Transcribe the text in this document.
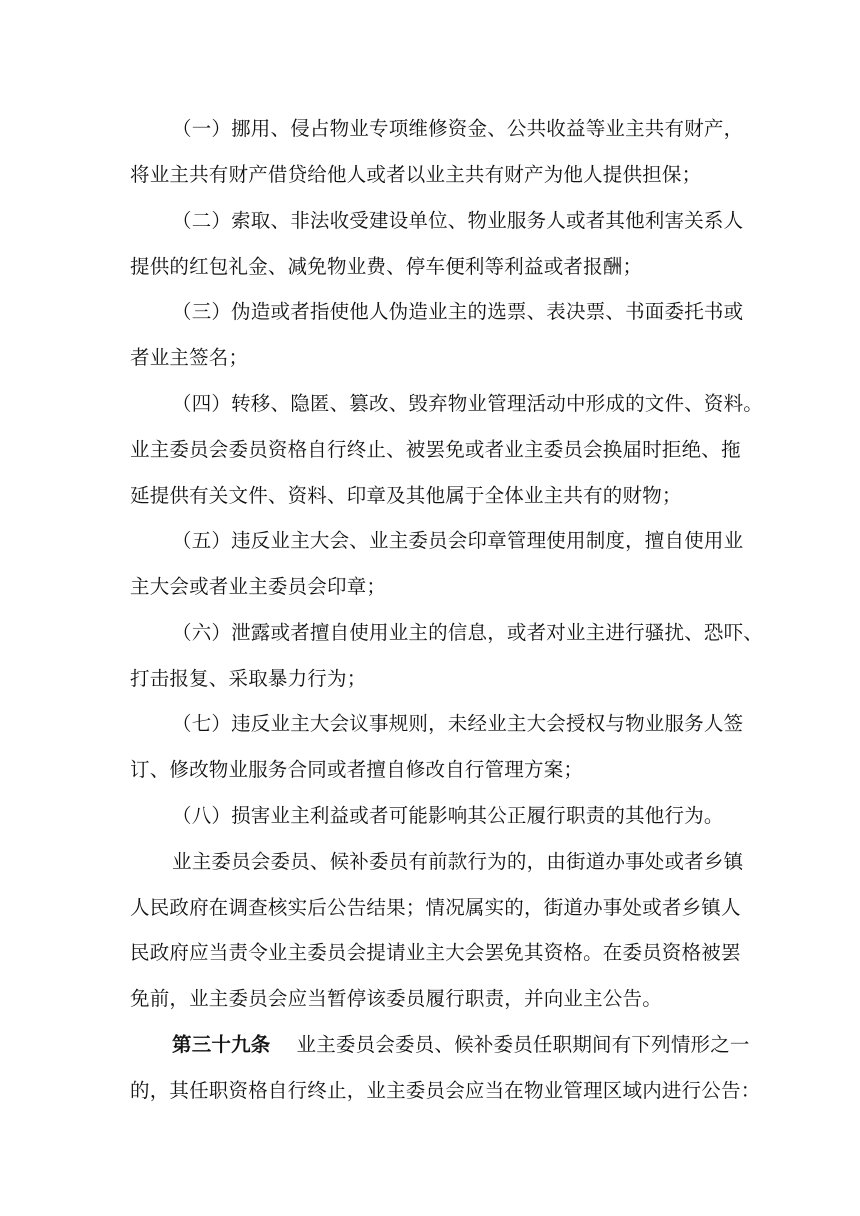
（一）挪用、侵占物业专项维修资金、公共收益等业主共有财产，
将业主共有财产借贷给他人或者以业主共有财产为他人提供担保；
（二）索取、非法收受建设单位、物业服务人或者其他利害关系人
提供的红包礼金、减免物业费、停车便利等利益或者报酬；
（三）伪造或者指使他人伪造业主的选票、表决票、书面委托书或
者业主签名；
（四）转移、隐匿、篡改、毁弃物业管理活动中形成的文件、资料。
业主委员会委员资格自行终止、被罢免或者业主委员会换届时拒绝、拖
延提供有关文件、资料、印章及其他属于全体业主共有的财物；
（五）违反业主大会、业主委员会印章管理使用制度，擅自使用业
主大会或者业主委员会印章；
（六）泄露或者擅自使用业主的信息，或者对业主进行骚扰、恐吓、
打击报复、采取暴力行为；
（七）违反业主大会议事规则，未经业主大会授权与物业服务人签
订、修改物业服务合同或者擅自修改自行管理方案；
（八）损害业主利益或者可能影响其公正履行职责的其他行为。
业主委员会委员、候补委员有前款行为的，由街道办事处或者乡镇
人民政府在调查核实后公告结果；情况属实的，街道办事处或者乡镇人
民政府应当责令业主委员会提请业主大会罢免其资格。在委员资格被罢
免前，业主委员会应当暂停该委员履行职责，并向业主公告。
第三十九条 业主委员会委员、候补委员任职期间有下列情形之一
的，其任职资格自行终止，业主委员会应当在物业管理区域内进行公告：
